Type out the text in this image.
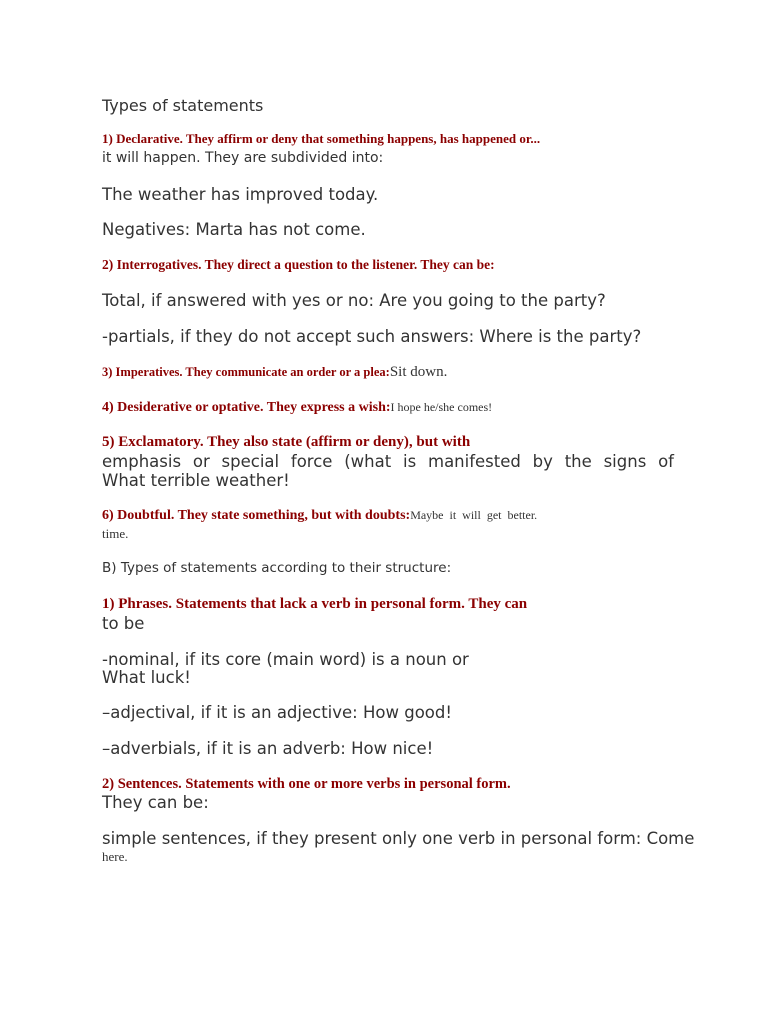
Types of statements

1) Declarative. They affirm or deny that something happens, has happened or...

it will happen. They are subdivided into:

The weather has improved today.

Negatives: Marta has not come.

2) Interrogatives. They direct a question to the listener. They can be:

Total, if answered with yes or no: Are you going to the party?

-partials, if they do not accept such answers: Where is the party?

3) Imperatives. They communicate an order or a plea:Sit down.

4) Desiderative or optative. They express a wish:I hope he/she comes!

5) Exclamatory. They also state (affirm or deny), but with

emphasis or special force (what is manifested by the signs of

What terrible weather!

6) Doubtful. They state something, but with doubts:Maybe  it  will  get  better.

time.

B) Types of statements according to their structure:

1) Phrases. Statements that lack a verb in personal form. They can

to be

-nominal, if its core (main word) is a noun or

What luck!

–adjectival, if it is an adjective: How good!

–adverbials, if it is an adverb: How nice!

2) Sentences. Statements with one or more verbs in personal form.

They can be:

simple sentences, if they present only one verb in personal form: Come

here.
